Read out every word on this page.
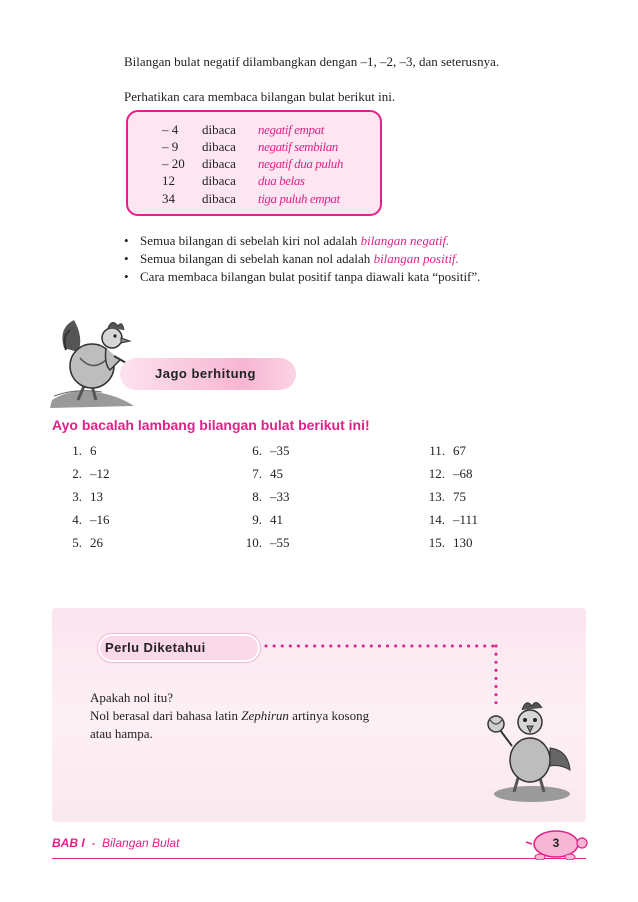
Bilangan bulat negatif dilambangkan dengan –1, –2, –3, dan seterusnya.
Perhatikan cara membaca bilangan bulat berikut ini.
– 4	dibaca	negatif empat
– 9	dibaca	negatif sembilan
– 20	dibaca	negatif dua puluh
12	dibaca	dua belas
34	dibaca	tiga puluh empat
• Semua bilangan di sebelah kiri nol adalah bilangan negatif.
• Semua bilangan di sebelah kanan nol adalah bilangan positif.
• Cara membaca bilangan bulat positif tanpa diawali kata “positif”.
Jago berhitung
Ayo bacalah lambang bilangan bulat berikut ini!
1. 6
2. –12
3. 13
4. –16
5. 26
6. –35
7. 45
8. –33
9. 41
10. –55
11. 67
12. –68
13. 75
14. –111
15. 130
Perlu Diketahui
Apakah nol itu?
Nol berasal dari bahasa latin Zephirun artinya kosong
atau hampa.
BAB I - Bilangan Bulat	3
